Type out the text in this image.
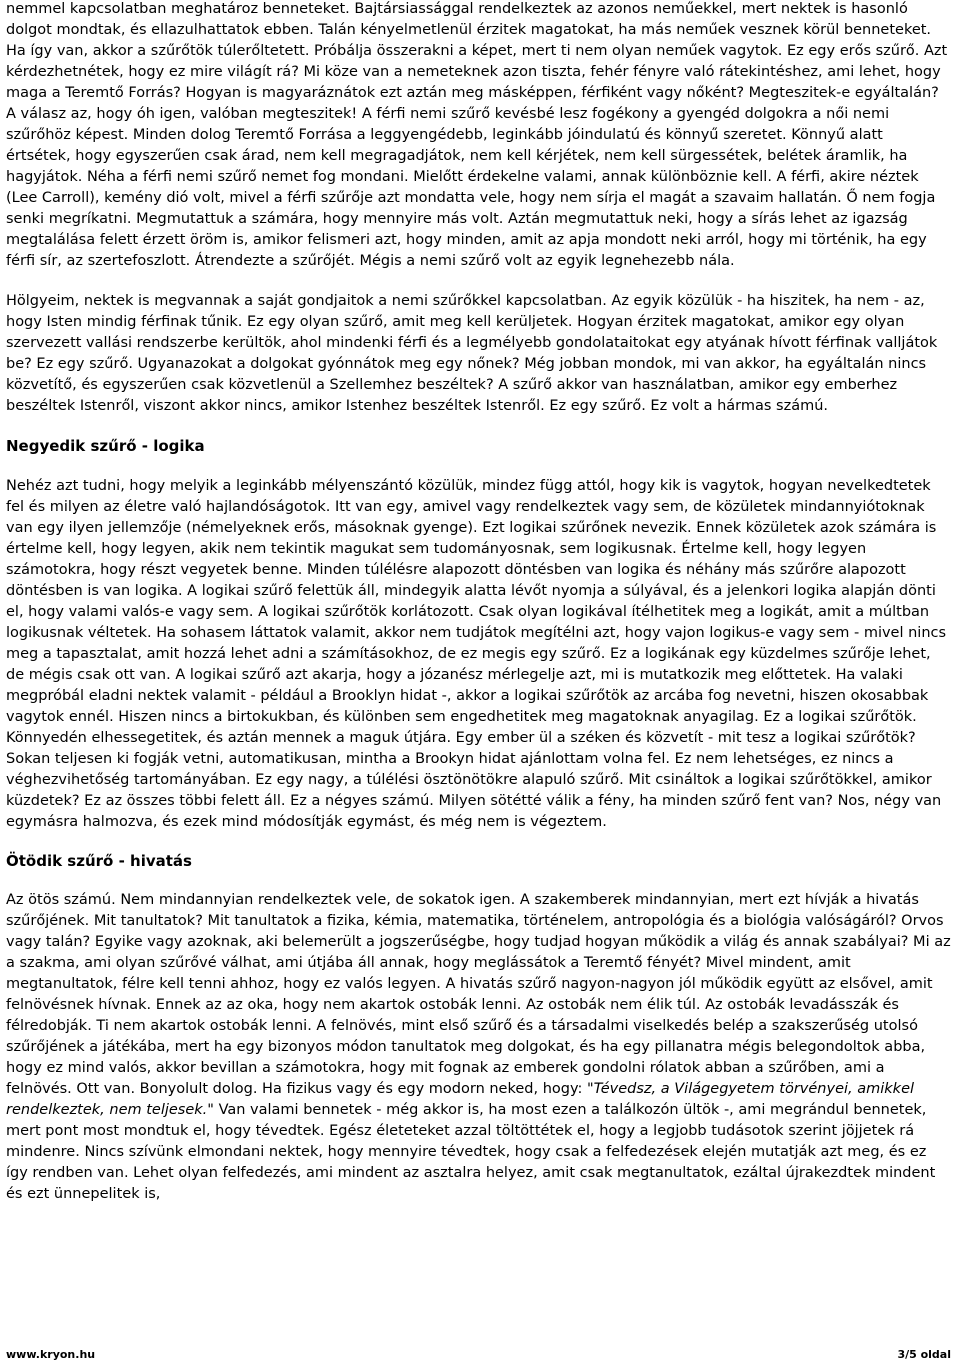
nemmel kapcsolatban meghatároz benneteket. Bajtársiassággal rendelkeztek az azonos neműekkel, mert nektek is hasonló dolgot mondtak, és ellazulhattatok ebben. Talán kényelmetlenül érzitek magatokat, ha más neműek vesznek körül benneteket. Ha így van, akkor a szűrőtök túlerőltetett. Próbálja összerakni a képet, mert ti nem olyan neműek vagytok. Ez egy erős szűrő. Azt kérdezhetnétek, hogy ez mire világít rá? Mi köze van a nemeteknek azon tiszta, fehér fényre való rátekintéshez, ami lehet, hogy maga a Teremtő Forrás? Hogyan is magyaráznátok ezt aztán meg másképpen, férfiként vagy nőként? Megteszitek-e egyáltalán? A válasz az, hogy óh igen, valóban megteszitek! A férfi nemi szűrő kevésbé lesz fogékony a gyengéd dolgokra a női nemi szűrőhöz képest. Minden dolog Teremtő Forrása a leggyengédebb, leginkább jóindulatú és könnyű szeretet. Könnyű alatt értsétek, hogy egyszerűen csak árad, nem kell megragadjátok, nem kell kérjétek, nem kell sürgessétek, belétek áramlik, ha hagyjátok. Néha a férfi nemi szűrő nemet fog mondani. Mielőtt érdekelne valami, annak különböznie kell. A férfi, akire néztek (Lee Carroll), kemény dió volt, mivel a férfi szűrője azt mondatta vele, hogy nem sírja el magát a szavaim hallatán. Ő nem fogja senki megríkatni. Megmutattuk a számára, hogy mennyire más volt. Aztán megmutattuk neki, hogy a sírás lehet az igazság megtalálása felett érzett öröm is, amikor felismeri azt, hogy minden, amit az apja mondott neki arról, hogy mi történik, ha egy férfi sír, az szertefoszlott. Átrendezte a szűrőjét. Mégis a nemi szűrő volt az egyik legnehezebb nála.

Hölgyeim, nektek is megvannak a saját gondjaitok a nemi szűrőkkel kapcsolatban. Az egyik közülük - ha hiszitek, ha nem - az, hogy Isten mindig férfinak tűnik. Ez egy olyan szűrő, amit meg kell kerüljetek. Hogyan érzitek magatokat, amikor egy olyan szervezett vallási rendszerbe kerültök, ahol mindenki férfi és a legmélyebb gondolataitokat egy atyának hívott férfinak valljátok be? Ez egy szűrő. Ugyanazokat a dolgokat gyónnátok meg egy nőnek? Még jobban mondok, mi van akkor, ha egyáltalán nincs közvetítő, és egyszerűen csak közvetlenül a Szellemhez beszéltek? A szűrő akkor van használatban, amikor egy emberhez beszéltek Istenről, viszont akkor nincs, amikor Istenhez beszéltek Istenről. Ez egy szűrő. Ez volt a hármas számú.

Negyedik szűrő - logika

Nehéz azt tudni, hogy melyik a leginkább mélyenszántó közülük, mindez függ attól, hogy kik is vagytok, hogyan nevelkedtetek fel és milyen az életre való hajlandóságotok. Itt van egy, amivel vagy rendelkeztek vagy sem, de közületek mindannyiótoknak van egy ilyen jellemzője (némelyeknek erős, másoknak gyenge). Ezt logikai szűrőnek nevezik. Ennek közületek azok számára is értelme kell, hogy legyen, akik nem tekintik magukat sem tudományosnak, sem logikusnak. Értelme kell, hogy legyen számotokra, hogy részt vegyetek benne. Minden túlélésre alapozott döntésben van logika és néhány más szűrőre alapozott döntésben is van logika. A logikai szűrő felettük áll, mindegyik alatta lévőt nyomja a súlyával, és a jelenkori logika alapján dönti el, hogy valami valós-e vagy sem. A logikai szűrőtök korlátozott. Csak olyan logikával ítélhetitek meg a logikát, amit a múltban logikusnak véltetek. Ha sohasem láttatok valamit, akkor nem tudjátok megítélni azt, hogy vajon logikus-e vagy sem - mivel nincs meg a tapasztalat, amit hozzá lehet adni a számításokhoz, de ez megis egy szűrő. Ez a logikának egy küzdelmes szűrője lehet, de mégis csak ott van. A logikai szűrő azt akarja, hogy a józanész mérlegelje azt, mi is mutatkozik meg előttetek. Ha valaki megpróbál eladni nektek valamit - például a Brooklyn hidat -, akkor a logikai szűrőtök az arcába fog nevetni, hiszen okosabbak vagytok ennél. Hiszen nincs a birtokukban, és különben sem engedhetitek meg magatoknak anyagilag. Ez a logikai szűrőtök. Könnyedén elhessegetitek, és aztán mennek a maguk útjára. Egy ember ül a széken és közvetít - mit tesz a logikai szűrőtök? Sokan teljesen ki fogják vetni, automatikusan, mintha a Brookyn hidat ajánlottam volna fel. Ez nem lehetséges, ez nincs a véghezvihetőség tartományában. Ez egy nagy, a túlélési ösztönötökre alapuló szűrő. Mit csináltok a logikai szűrőtökkel, amikor küzdetek? Ez az összes többi felett áll. Ez a négyes számú. Milyen sötétté válik a fény, ha minden szűrő fent van? Nos, négy van egymásra halmozva, és ezek mind módosítják egymást, és még nem is végeztem.

Ötödik szűrő - hivatás

Az ötös számú. Nem mindannyian rendelkeztek vele, de sokatok igen. A szakemberek mindannyian, mert ezt hívják a hivatás szűrőjének. Mit tanultatok? Mit tanultatok a fizika, kémia, matematika, történelem, antropológia és a biológia valóságáról? Orvos vagy talán? Egyike vagy azoknak, aki belemerült a jogszerűségbe, hogy tudjad hogyan működik a világ és annak szabályai? Mi az a szakma, ami olyan szűrővé válhat, ami útjába áll annak, hogy meglássátok a Teremtő fényét? Mivel mindent, amit megtanultatok, félre kell tenni ahhoz, hogy ez valós legyen. A hivatás szűrő nagyon-nagyon jól működik együtt az elsővel, amit felnövésnek hívnak. Ennek az az oka, hogy nem akartok ostobák lenni. Az ostobák nem élik túl. Az ostobák levadásszák és félredobják. Ti nem akartok ostobák lenni. A felnövés, mint első szűrő és a társadalmi viselkedés belép a szakszerűség utolsó szűrőjének a játékába, mert ha egy bizonyos módon tanultatok meg dolgokat, és ha egy pillanatra mégis belegondoltok abba, hogy ez mind valós, akkor bevillan a számotokra, hogy mit fognak az emberek gondolni rólatok abban a szűrőben, ami a felnövés. Ott van. Bonyolult dolog. Ha fizikus vagy és egy modorn neked, hogy: "Tévedsz, a Világegyetem törvényei, amikkel rendelkeztek, nem teljesek." Van valami bennetek - még akkor is, ha most ezen a találkozón ültök -, ami megrándul bennetek, mert pont most mondtuk el, hogy tévedtek. Egész életeteket azzal töltöttétek el, hogy a legjobb tudásotok szerint jöjjetek rá mindenre. Nincs szívünk elmondani nektek, hogy mennyire tévedtek, hogy csak a felfedezések elején mutatják azt meg, és ez így rendben van. Lehet olyan felfedezés, ami mindent az asztalra helyez, amit csak megtanultatok, ezáltal újrakezdtek mindent és ezt ünnepelitek is,

www.kryon.hu	3/5 oldal
